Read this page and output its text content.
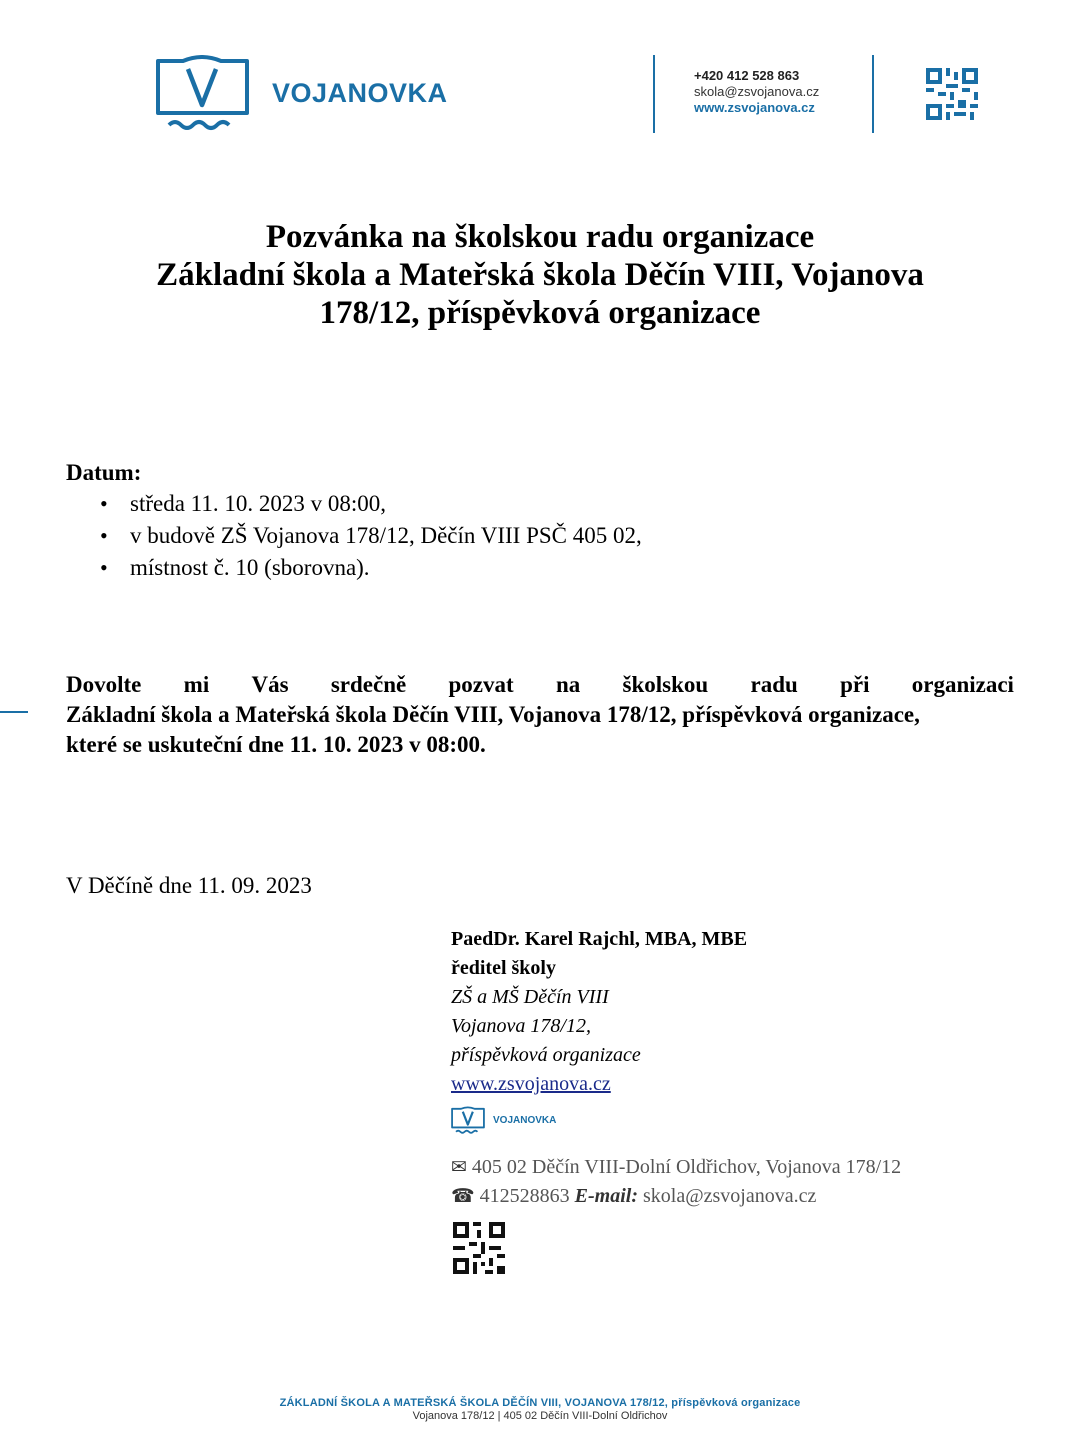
VOJANOVKA
+420 412 528 863
skola@zsvojanova.cz
www.zsvojanova.cz
Pozvánka na školskou radu organizace
Základní škola a Mateřská škola Děčín VIII, Vojanova
178/12, příspěvková organizace
Datum:
• středa 11. 10. 2023 v 08:00,
• v budově ZŠ Vojanova 178/12, Děčín VIII PSČ 405 02,
• místnost č. 10 (sborovna).
Dovolte mi Vás srdečně pozvat na školskou radu při organizaci
Základní škola a Mateřská škola Děčín VIII, Vojanova 178/12, příspěvková organizace,
které se uskuteční dne 11. 10. 2023 v 08:00.
V Děčíně dne 11. 09. 2023
PaedDr. Karel Rajchl, MBA, MBE
ředitel školy
ZŠ a MŠ Děčín VIII
Vojanova 178/12,
příspěvková organizace
www.zsvojanova.cz
VOJANOVKA
✉ 405 02 Děčín VIII-Dolní Oldřichov, Vojanova 178/12
☎ 412528863 E-mail: skola@zsvojanova.cz
ZÁKLADNÍ ŠKOLA A MATEŘSKÁ ŠKOLA DĚČÍN VIII, VOJANOVA 178/12, příspěvková organizace
Vojanova 178/12 | 405 02 Děčín VIII-Dolní Oldřichov
